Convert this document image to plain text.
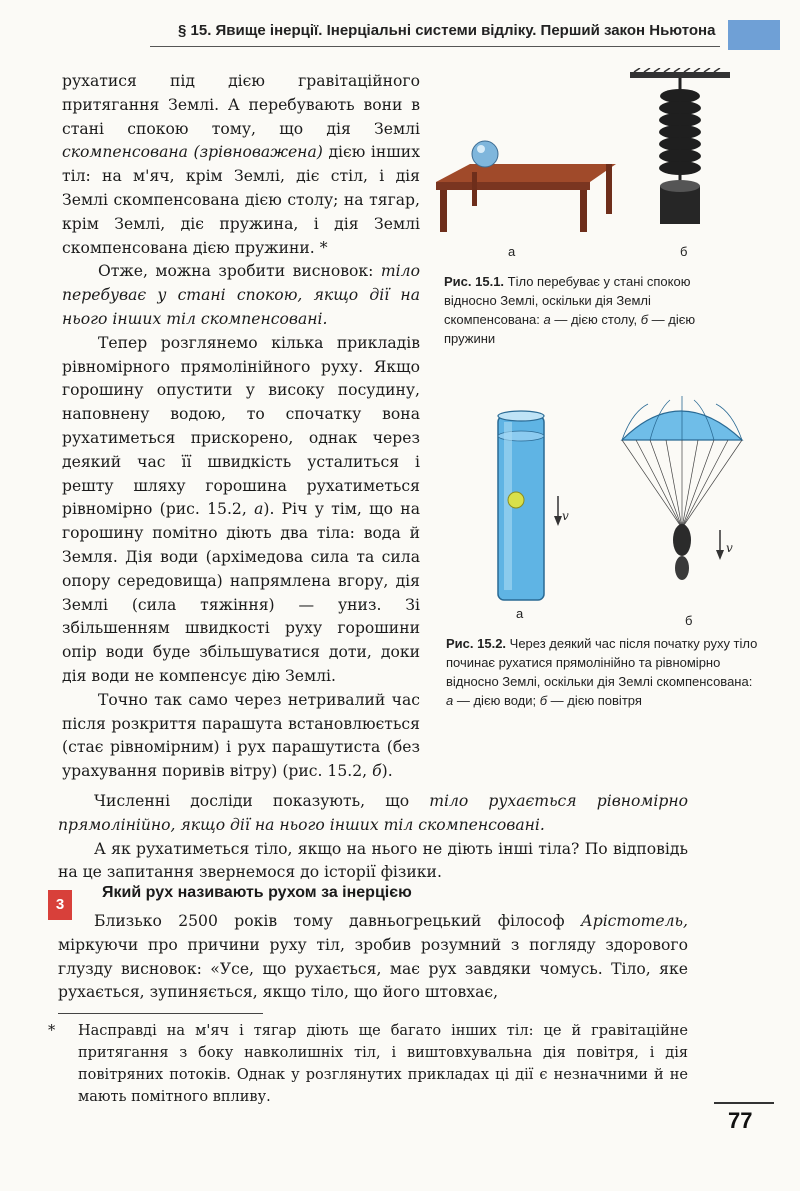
§ 15. Явище інерції. Інерціальні системи відліку. Перший закон Ньютона

рухатися під дією гравітаційного притягання Землі. А перебувають вони в стані спокою тому, що дія Землі скомпенсована (зрівноважена) дією інших тіл: на м'яч, крім Землі, діє стіл, і дія Землі скомпенсована дією столу; на тягар, крім Землі, діє пружина, і дія Землі скомпенсована дією пружини. *

Отже, можна зробити висновок: тіло перебуває у стані спокою, якщо дії на нього інших тіл скомпенсовані.

Тепер розглянемо кілька прикладів рівномірного прямолінійного руху. Якщо горошину опустити у високу посудину, наповнену водою, то спочатку вона рухатиметься прискорено, однак через деякий час її швидкість усталиться і решту шляху горошина рухатиметься рівномірно (рис. 15.2, а). Річ у тім, що на горошину помітно діють два тіла: вода й Земля. Дія води (архімедова сила та сила опору середовища) напрямлена вгору, дія Землі (сила тяжіння) — униз. Зі збільшенням швидкості руху горошини опір води буде збільшуватися доти, доки дія води не компенсує дію Землі.

Точно так само через нетривалий час після розкриття парашута встановлюється (стає рівномірним) і рух парашутиста (без урахування поривів вітру) (рис. 15.2, б).

а	б
Рис. 15.1. Тіло перебуває у стані спокою відносно Землі, оскільки дія Землі скомпенсована: а — дією столу, б — дією пружини
v
v
а	б
Рис. 15.2. Через деякий час після початку руху тіло починає рухатися прямолінійно та рівномірно відносно Землі, оскільки дія Землі скомпенсована: а — дією води; б — дією повітря

Численні досліди показують, що тіло рухається рівномірно прямолінійно, якщо дії на нього інших тіл скомпенсовані.

А як рухатиметься тіло, якщо на нього не діють інші тіла? По відповідь на це запитання звернемося до історії фізики.

3
Який рух називають рухом за інерцією

Близько 2500 років тому давньогрецький філософ Арістотель, міркуючи про причини руху тіл, зробив розумний з погляду здорового глузду висновок: «Усе, що рухається, має рух завдяки чомусь. Тіло, яке рухається, зупиняється, якщо тіло, що його штовхає,

* Насправді на м'яч і тягар діють ще багато інших тіл: це й гравітаційне притягання з боку навколишніх тіл, і виштовхувальна дія повітря, і дія повітряних потоків. Однак у розглянутих прикладах ці дії є незначними й не мають помітного впливу.
77
